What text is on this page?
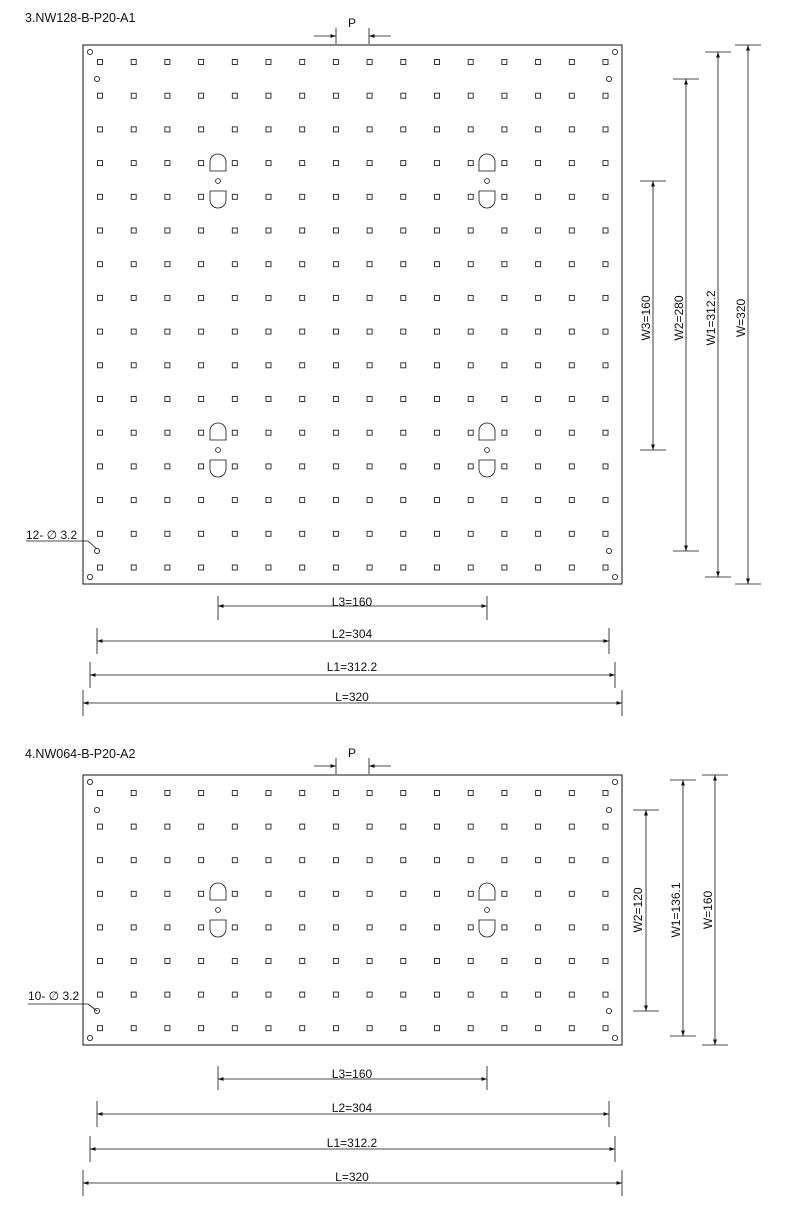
3.NW128-B-P20-A1	P
12- ∅ 3.2
L3=160
L2=304
L1=312.2
L=320
W3=160 W2=280 W1=312.2 W=320
4.NW064-B-P20-A2	P
10- ∅ 3.2
L3=160
L2=304
L1=312.2
L=320
W2=120 W1=136.1 W=160
